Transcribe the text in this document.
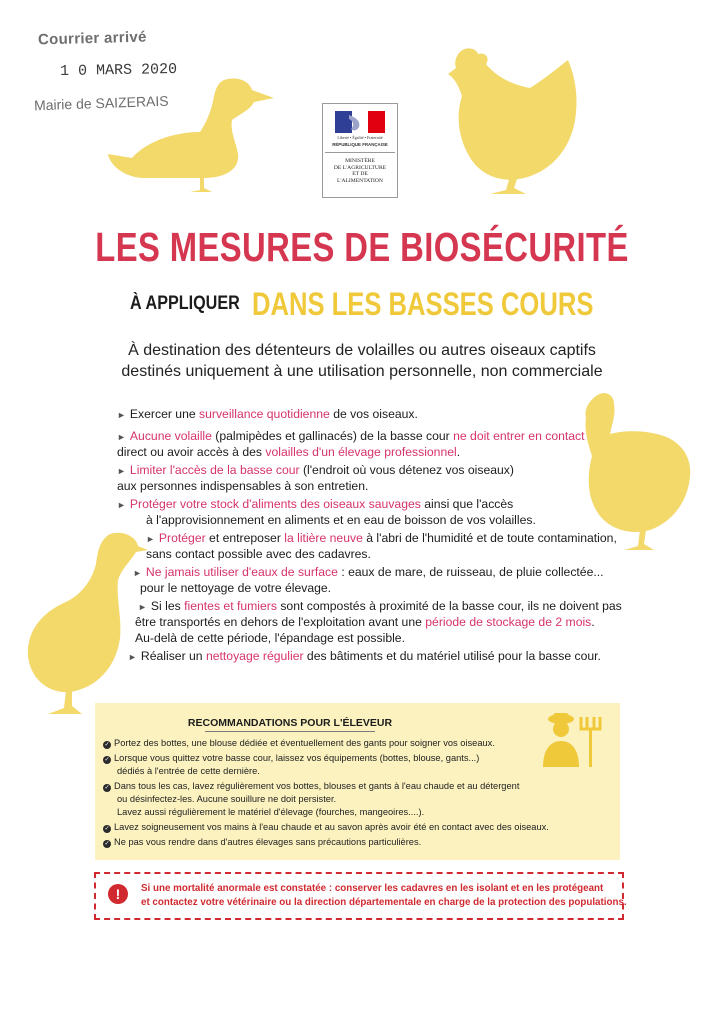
Courrier arrivé
1 0 MARS 2020
Mairie de SAIZERAIS
Liberté • Égalité • Fraternité
RÉPUBLIQUE FRANÇAISE
MINISTÈRE
DE L'AGRICULTURE
ET DE
L'ALIMENTATION
LES MESURES DE BIOSÉCURITÉ
À APPLIQUER DANS LES BASSES COURS
À destination des détenteurs de volailles ou autres oiseaux captifs
destinés uniquement à une utilisation personnelle, non commerciale
► Exercer une surveillance quotidienne de vos oiseaux.
► Aucune volaille (palmipèdes et gallinacés) de la basse cour ne doit entrer en contact
direct ou avoir accès à des volailles d'un élevage professionnel.
► Limiter l'accès de la basse cour (l'endroit où vous détenez vos oiseaux)
aux personnes indispensables à son entretien.
► Protéger votre stock d'aliments des oiseaux sauvages ainsi que l'accès
à l'approvisionnement en aliments et en eau de boisson de vos volailles.
► Protéger et entreposer la litière neuve à l'abri de l'humidité et de toute contamination,
sans contact possible avec des cadavres.
► Ne jamais utiliser d'eaux de surface : eaux de mare, de ruisseau, de pluie collectée...
pour le nettoyage de votre élevage.
► Si les fientes et fumiers sont compostés à proximité de la basse cour, ils ne doivent pas
être transportés en dehors de l'exploitation avant une période de stockage de 2 mois.
Au-delà de cette période, l'épandage est possible.
► Réaliser un nettoyage régulier des bâtiments et du matériel utilisé pour la basse cour.
RECOMMANDATIONS POUR L'ÉLEVEUR
✓ Portez des bottes, une blouse dédiée et éventuellement des gants pour soigner vos oiseaux.
✓ Lorsque vous quittez votre basse cour, laissez vos équipements (bottes, blouse, gants...)
dédiés à l'entrée de cette dernière.
✓ Dans tous les cas, lavez régulièrement vos bottes, blouses et gants à l'eau chaude et au détergent
ou désinfectez-les. Aucune souillure ne doit persister.
Lavez aussi régulièrement le matériel d'élevage (fourches, mangeoires....).
✓ Lavez soigneusement vos mains à l'eau chaude et au savon après avoir été en contact avec des oiseaux.
✓ Ne pas vous rendre dans d'autres élevages sans précautions particulières.
!	Si une mortalité anormale est constatée : conserver les cadavres en les isolant et en les protégeant
et contactez votre vétérinaire ou la direction départementale en charge de la protection des populations.
